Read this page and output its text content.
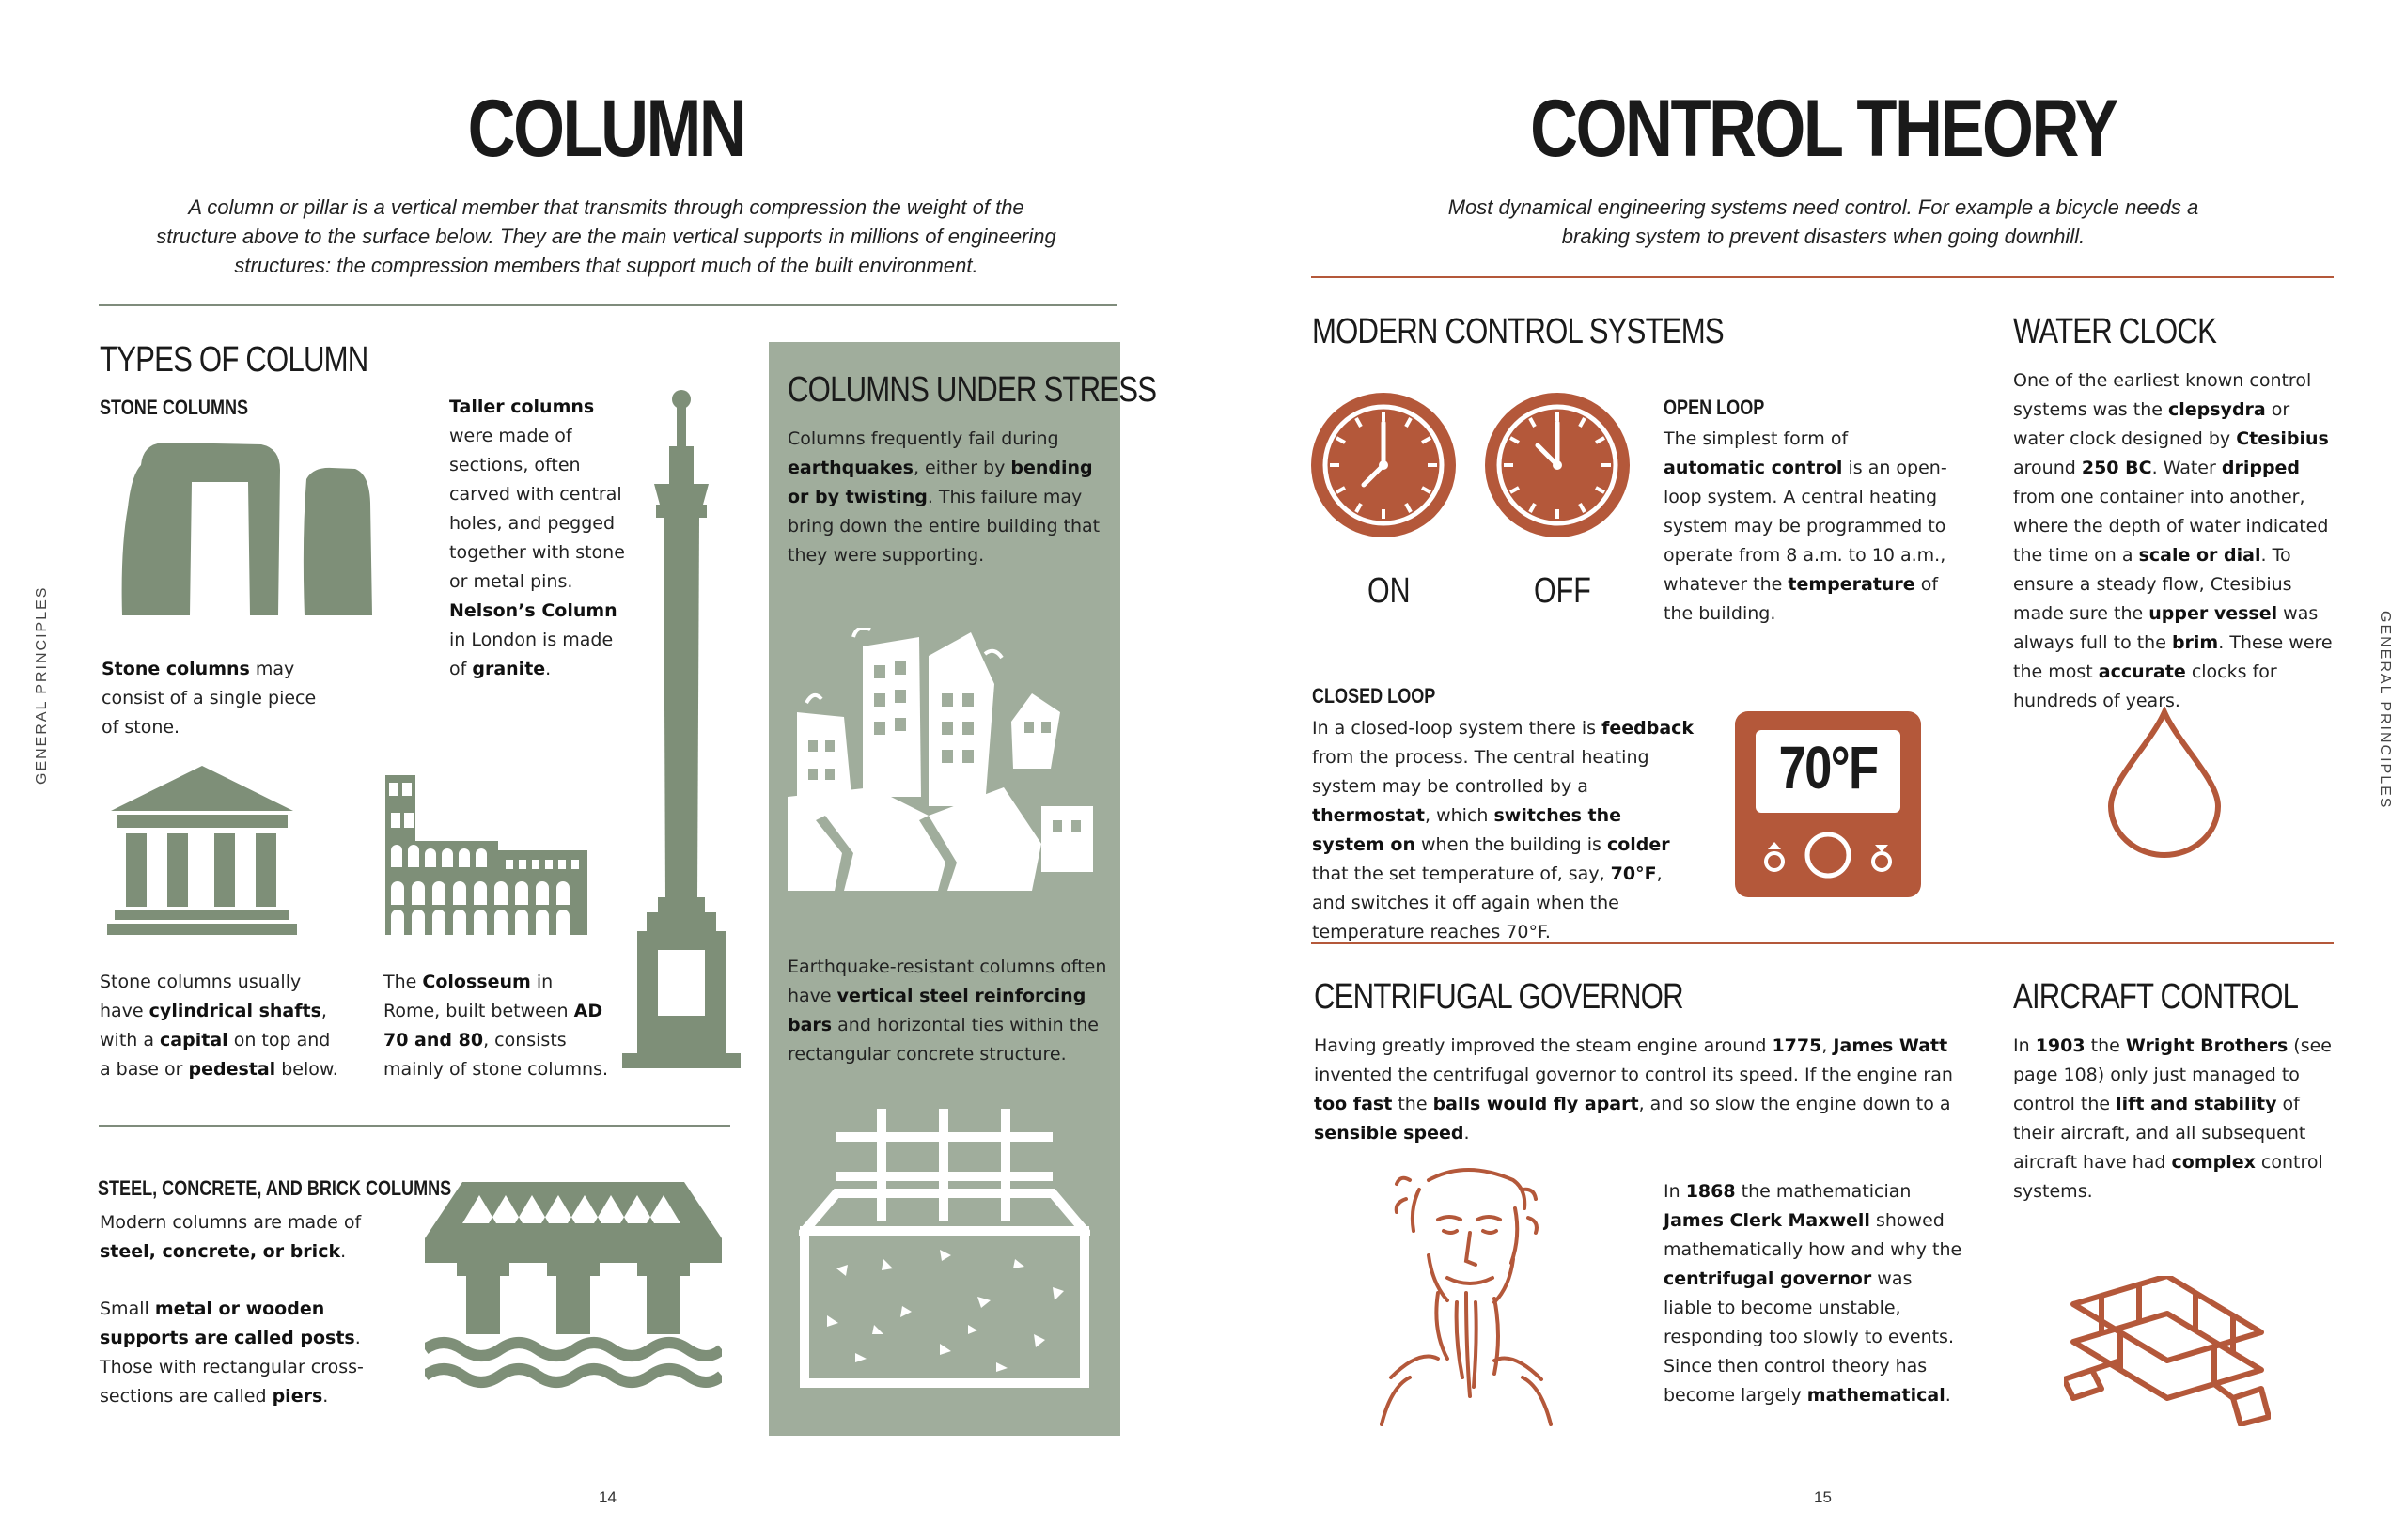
COLUMN
A column or pillar is a vertical member that transmits through compression the weight of the structure above to the surface below. They are the main vertical supports in millions of engineering structures: the compression members that support much of the built environment.
GENERAL PRINCIPLES
TYPES OF COLUMN
STONE COLUMNS
Stone columns may consist of a single piece of stone.
Stone columns usually have cylindrical shafts, with a capital on top and a base or pedestal below.
The Colosseum in Rome, built between AD 70 and 80, consists mainly of stone columns.
Taller columns were made of sections, often carved with central holes, and pegged together with stone or metal pins. Nelson’s Column in London is made of granite.
STEEL, CONCRETE, AND BRICK COLUMNS
Modern columns are made of steel, concrete, or brick.
Small metal or wooden supports are called posts. Those with rectangular cross-sections are called piers.
COLUMNS UNDER STRESS
Columns frequently fail during earthquakes, either by bending or by twisting. This failure may bring down the entire building that they were supporting.
Earthquake-resistant columns often have vertical steel reinforcing bars and horizontal ties within the rectangular concrete structure.
14
CONTROL THEORY
Most dynamical engineering systems need control. For example a bicycle needs a braking system to prevent disasters when going downhill.
GENERAL PRINCIPLES
MODERN CONTROL SYSTEMS
ON	OFF
OPEN LOOP
The simplest form of automatic control is an open-loop system. A central heating system may be programmed to operate from 8 a.m. to 10 a.m., whatever the temperature of the building.
CLOSED LOOP
In a closed-loop system there is feedback from the process. The central heating system may be controlled by a thermostat, which switches the system on when the building is colder that the set temperature of, say, 70°F, and switches it off again when the temperature reaches 70°F.
70°F
WATER CLOCK
One of the earliest known control systems was the clepsydra or water clock designed by Ctesibius around 250 BC. Water dripped from one container into another, where the depth of water indicated the time on a scale or dial. To ensure a steady flow, Ctesibius made sure the upper vessel was always full to the brim. These were the most accurate clocks for hundreds of years.
CENTRIFUGAL GOVERNOR
Having greatly improved the steam engine around 1775, James Watt invented the centrifugal governor to control its speed. If the engine ran too fast the balls would fly apart, and so slow the engine down to a sensible speed.
In 1868 the mathematician James Clerk Maxwell showed mathematically how and why the centrifugal governor was liable to become unstable, responding too slowly to events. Since then control theory has become largely mathematical.
AIRCRAFT CONTROL
In 1903 the Wright Brothers (see page 108) only just managed to control the lift and stability of their aircraft, and all subsequent aircraft have had complex control systems.
15
